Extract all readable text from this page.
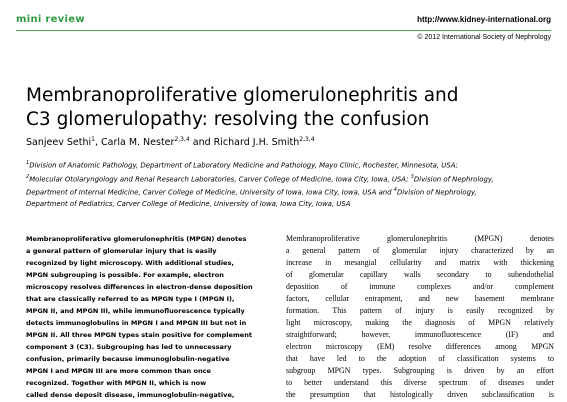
mini review	http://www.kidney-international.org
© 2012 International Society of Nephrology
Membranoproliferative glomerulonephritis and
C3 glomerulopathy: resolving the confusion
Sanjeev Sethi$^1$, Carla M. Nester$^{2,3,4}$ and Richard J.H. Smith$^{2,3,4}$
$^1$Division of Anatomic Pathology, Department of Laboratory Medicine and Pathology, Mayo Clinic, Rochester, Minnesota, USA;
$^2$Molecular Otolaryngology and Renal Research Laboratories, Carver College of Medicine, Iowa City, Iowa, USA; $^3$Division of Nephrology,
Department of Internal Medicine, Carver College of Medicine, University of Iowa, Iowa City, Iowa, USA and $^4$Division of Nephrology,
Department of Pediatrics, Carver College of Medicine, University of Iowa, Iowa City, Iowa, USA
Membranoproliferative glomerulonephritis (MPGN) denotes
a general pattern of glomerular injury that is easily
recognized by light microscopy. With additional studies,
MPGN subgrouping is possible. For example, electron
microscopy resolves differences in electron-dense deposition
that are classically referred to as MPGN type I (MPGN I),
MPGN II, and MPGN III, while immunofluorescence typically
detects immunoglobulins in MPGN I and MPGN III but not in
MPGN II. All three MPGN types stain positive for complement
component 3 (C3). Subgrouping has led to unnecessary
confusion, primarily because immunoglobulin-negative
MPGN I and MPGN III are more common than once
recognized. Together with MPGN II, which is now
called dense deposit disease, immunoglobulin-negative,
Membranoproliferative glomerulonephritis (MPGN) denotes
a general pattern of glomerular injury characterized by an
increase in mesangial cellularity and matrix with thickening
of glomerular capillary walls secondary to subendothelial
deposition of immune complexes and/or complement
factors, cellular entrapment, and new basement membrane
formation. This pattern of injury is easily recognized by
light microscopy, making the diagnosis of MPGN relatively
straightforward; however, immunofluorescence (IF) and
electron microscopy (EM) resolve differences among MPGN
that have led to the adoption of classification systems to
subgroup MPGN types. Subgrouping is driven by an effort
to better understand this diverse spectrum of diseases under
the presumption that histologically driven subclassification is
